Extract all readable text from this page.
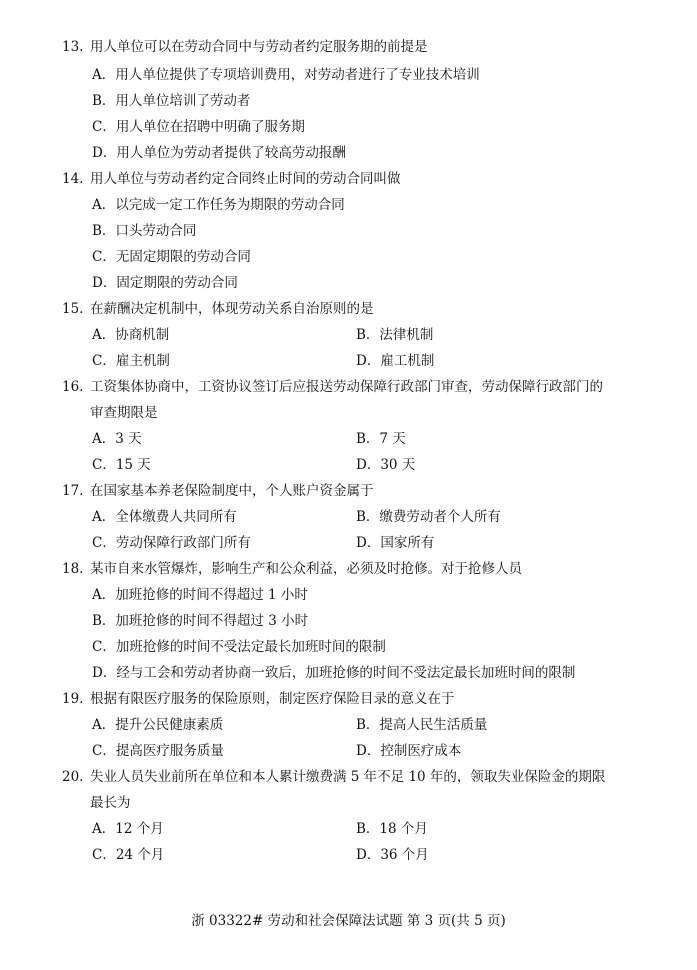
13. 用人单位可以在劳动合同中与劳动者约定服务期的前提是
A．用人单位提供了专项培训费用，对劳动者进行了专业技术培训
B．用人单位培训了劳动者
C．用人单位在招聘中明确了服务期
D．用人单位为劳动者提供了较高劳动报酬
14. 用人单位与劳动者约定合同终止时间的劳动合同叫做
A．以完成一定工作任务为期限的劳动合同
B．口头劳动合同
C．无固定期限的劳动合同
D．固定期限的劳动合同
15. 在薪酬决定机制中，体现劳动关系自治原则的是
A．协商机制	B．法律机制
C．雇主机制	D．雇工机制
16. 工资集体协商中，工资协议签订后应报送劳动保障行政部门审查，劳动保障行政部门的
审查期限是
A．3 天	B．7 天
C．15 天	D．30 天
17. 在国家基本养老保险制度中，个人账户资金属于
A．全体缴费人共同所有	B．缴费劳动者个人所有
C．劳动保障行政部门所有	D．国家所有
18. 某市自来水管爆炸，影响生产和公众利益，必须及时抢修。对于抢修人员
A．加班抢修的时间不得超过 1 小时
B．加班抢修的时间不得超过 3 小时
C．加班抢修的时间不受法定最长加班时间的限制
D．经与工会和劳动者协商一致后，加班抢修的时间不受法定最长加班时间的限制
19. 根据有限医疗服务的保险原则，制定医疗保险目录的意义在于
A．提升公民健康素质	B．提高人民生活质量
C．提高医疗服务质量	D．控制医疗成本
20. 失业人员失业前所在单位和本人累计缴费满 5 年不足 10 年的，领取失业保险金的期限
最长为
A．12 个月	B．18 个月
C．24 个月	D．36 个月
浙 03322# 劳动和社会保障法试题 第 3 页(共 5 页)
